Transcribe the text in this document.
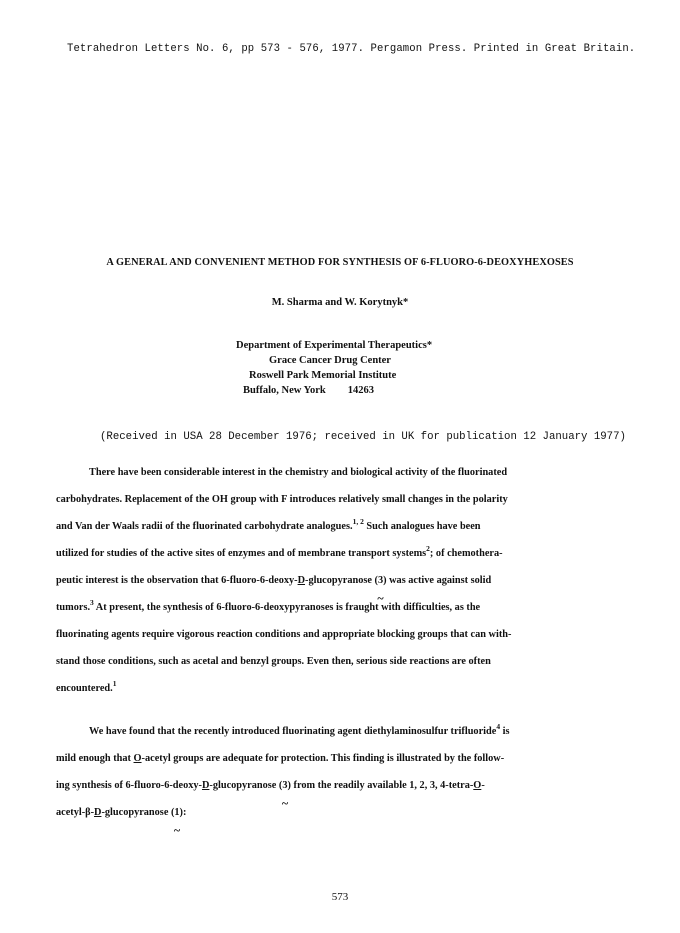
Tetrahedron Letters No. 6, pp 573 - 576, 1977. Pergamon Press. Printed in Great Britain.
A GENERAL AND CONVENIENT METHOD FOR SYNTHESIS OF 6-FLUORO-6-DEOXYHEXOSES
M. Sharma and W. Korytnyk*
Department of Experimental Therapeutics*
Grace Cancer Drug Center
Roswell Park Memorial Institute
Buffalo, New York 14263
(Received in USA 28 December 1976; received in UK for publication 12 January 1977)
There have been considerable interest in the chemistry and biological activity of the fluorinated
carbohydrates. Replacement of the OH group with F introduces relatively small changes in the polarity
and Van der Waals radii of the fluorinated carbohydrate analogues.$^{1, 2}$ Such analogues have been
utilized for studies of the active sites of enzymes and of membrane transport systems$^2$; of chemothera-
peutic interest is the observation that 6-fluoro-6-deoxy-D-glucopyranose (3 ~) was active against solid
tumors.$^3$ At present, the synthesis of 6-fluoro-6-deoxypyranoses is fraught with difficulties, as the
fluorinating agents require vigorous reaction conditions and appropriate blocking groups that can with-
stand those conditions, such as acetal and benzyl groups. Even then, serious side reactions are often
encountered.$^1$
We have found that the recently introduced fluorinating agent diethylaminosulfur trifluoride$^4$ is
mild enough that O-acetyl groups are adequate for protection. This finding is illustrated by the follow-
ing synthesis of 6-fluoro-6-deoxy-D-glucopyranose (3 ~) from the readily available 1, 2, 3, 4-tetra-O-
acetyl-β-D-glucopyranose (1 ~):
573
